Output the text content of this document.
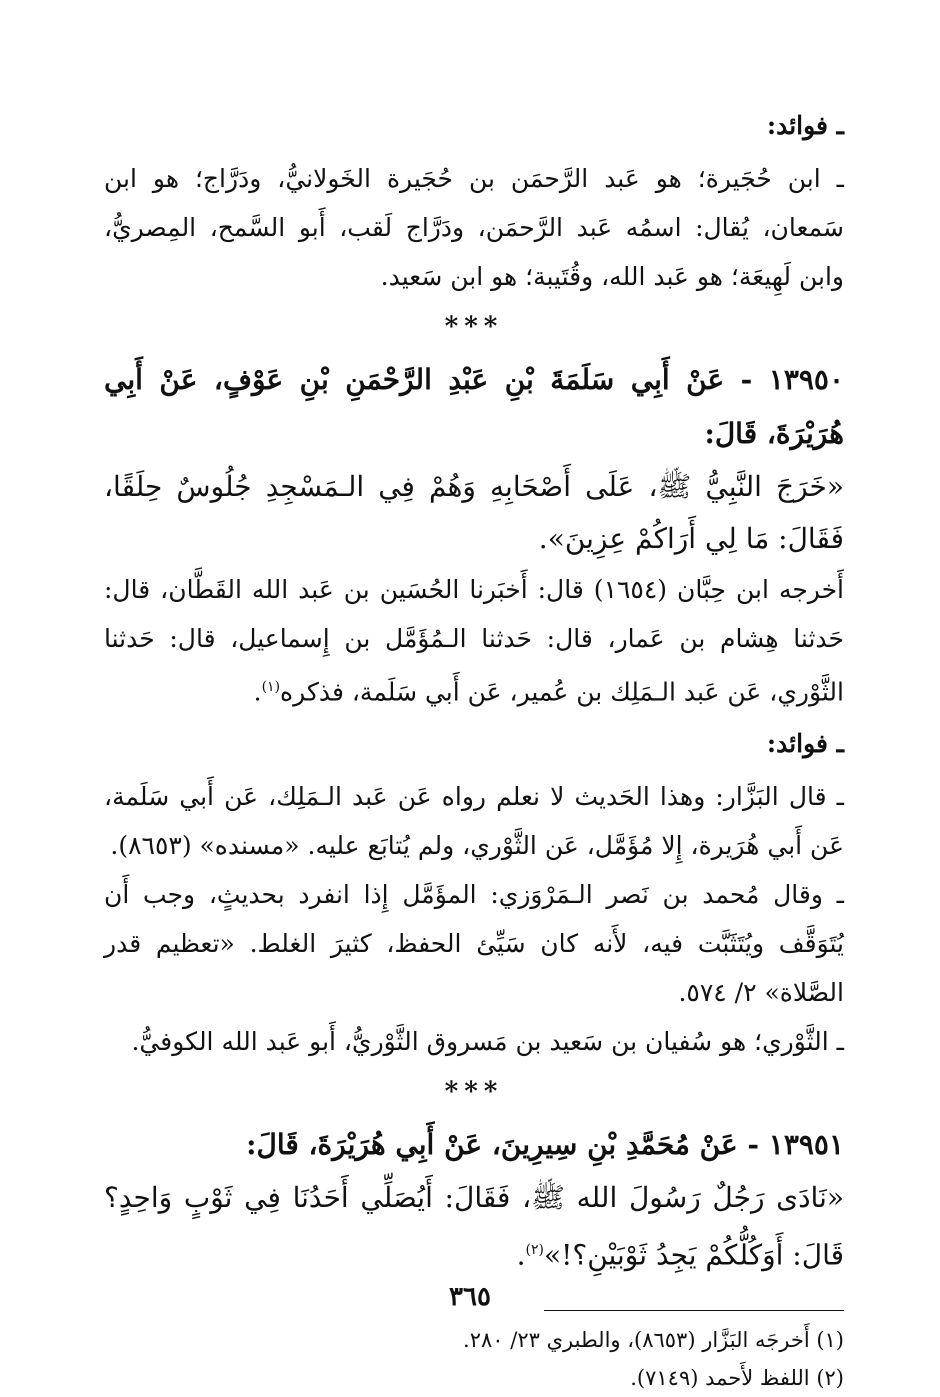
ـ فوائد:

ـ ابن حُجَيرة؛ هو عَبد الرَّحمَن بن حُجَيرة الخَولانيُّ، ودَرَّاج؛ هو ابن سَمعان، يُقال: اسمُه عَبد الرَّحمَن، ودَرَّاج لَقب، أَبو السَّمح، المِصريُّ، وابن لَهِيعَة؛ هو عَبد الله، وقُتَيبة؛ هو ابن سَعيد.

***

١٣٩٥٠ - عَنْ أَبِي سَلَمَةَ بْنِ عَبْدِ الرَّحْمَنِ بْنِ عَوْفٍ، عَنْ أَبِي هُرَيْرَةَ، قَالَ:

«خَرَجَ النَّبِيُّ ﷺ، عَلَى أَصْحَابِهِ وَهُمْ فِي الـمَسْجِدِ جُلُوسٌ حِلَقًا، فَقَالَ: مَا لِي أَرَاكُمْ عِزِينَ».

أَخرجه ابن حِبَّان (١٦٥٤) قال: أَخبَرنا الحُسَين بن عَبد الله القَطَّان، قال: حَدثنا هِشام بن عَمار، قال: حَدثنا الـمُؤَمَّل بن إِسماعيل، قال: حَدثنا الثَّوْري، عَن عَبد الـمَلِك بن عُمير، عَن أَبي سَلَمة، فذكره$^{(١)}$.

ـ فوائد:

ـ قال البَزَّار: وهذا الحَديث لا نعلم رواه عَن عَبد الـمَلِك، عَن أَبي سَلَمة، عَن أَبي هُرَيرة، إِلا مُؤَمَّل، عَن الثَّوْري، ولم يُتابَع عليه. «مسنده» (٨٦٥٣).

ـ وقال مُحمد بن نَصر الـمَرْوَزي: المؤَمَّل إِذا انفرد بحديثٍ، وجب أَن يُتَوَقَّف ويُتَثَبَّت فيه، لأَنه كان سَيِّئ الحفظ، كثيرَ الغلط. «تعظيم قدر الصَّلاة» ٢/ ٥٧٤.

ـ الثَّوْري؛ هو سُفيان بن سَعيد بن مَسروق الثَّوْريُّ، أَبو عَبد الله الكوفيُّ.

***

١٣٩٥١ - عَنْ مُحَمَّدِ بْنِ سِيرِينَ، عَنْ أَبِي هُرَيْرَةَ، قَالَ:

«نَادَى رَجُلٌ رَسُولَ الله ﷺ، فَقَالَ: أَيُصَلِّي أَحَدُنَا فِي ثَوْبٍ وَاحِدٍ؟ قَالَ: أَوَكُلُّكُمْ يَجِدُ ثَوْبَيْنِ؟!»$^{(٢)}$.

(١) أَخرجَه البَزَّار (٨٦٥٣)، والطبري ٢٣/ ٢٨٠.

(٢) اللفظ لأَحمد (٧١٤٩).

٣٦٥
